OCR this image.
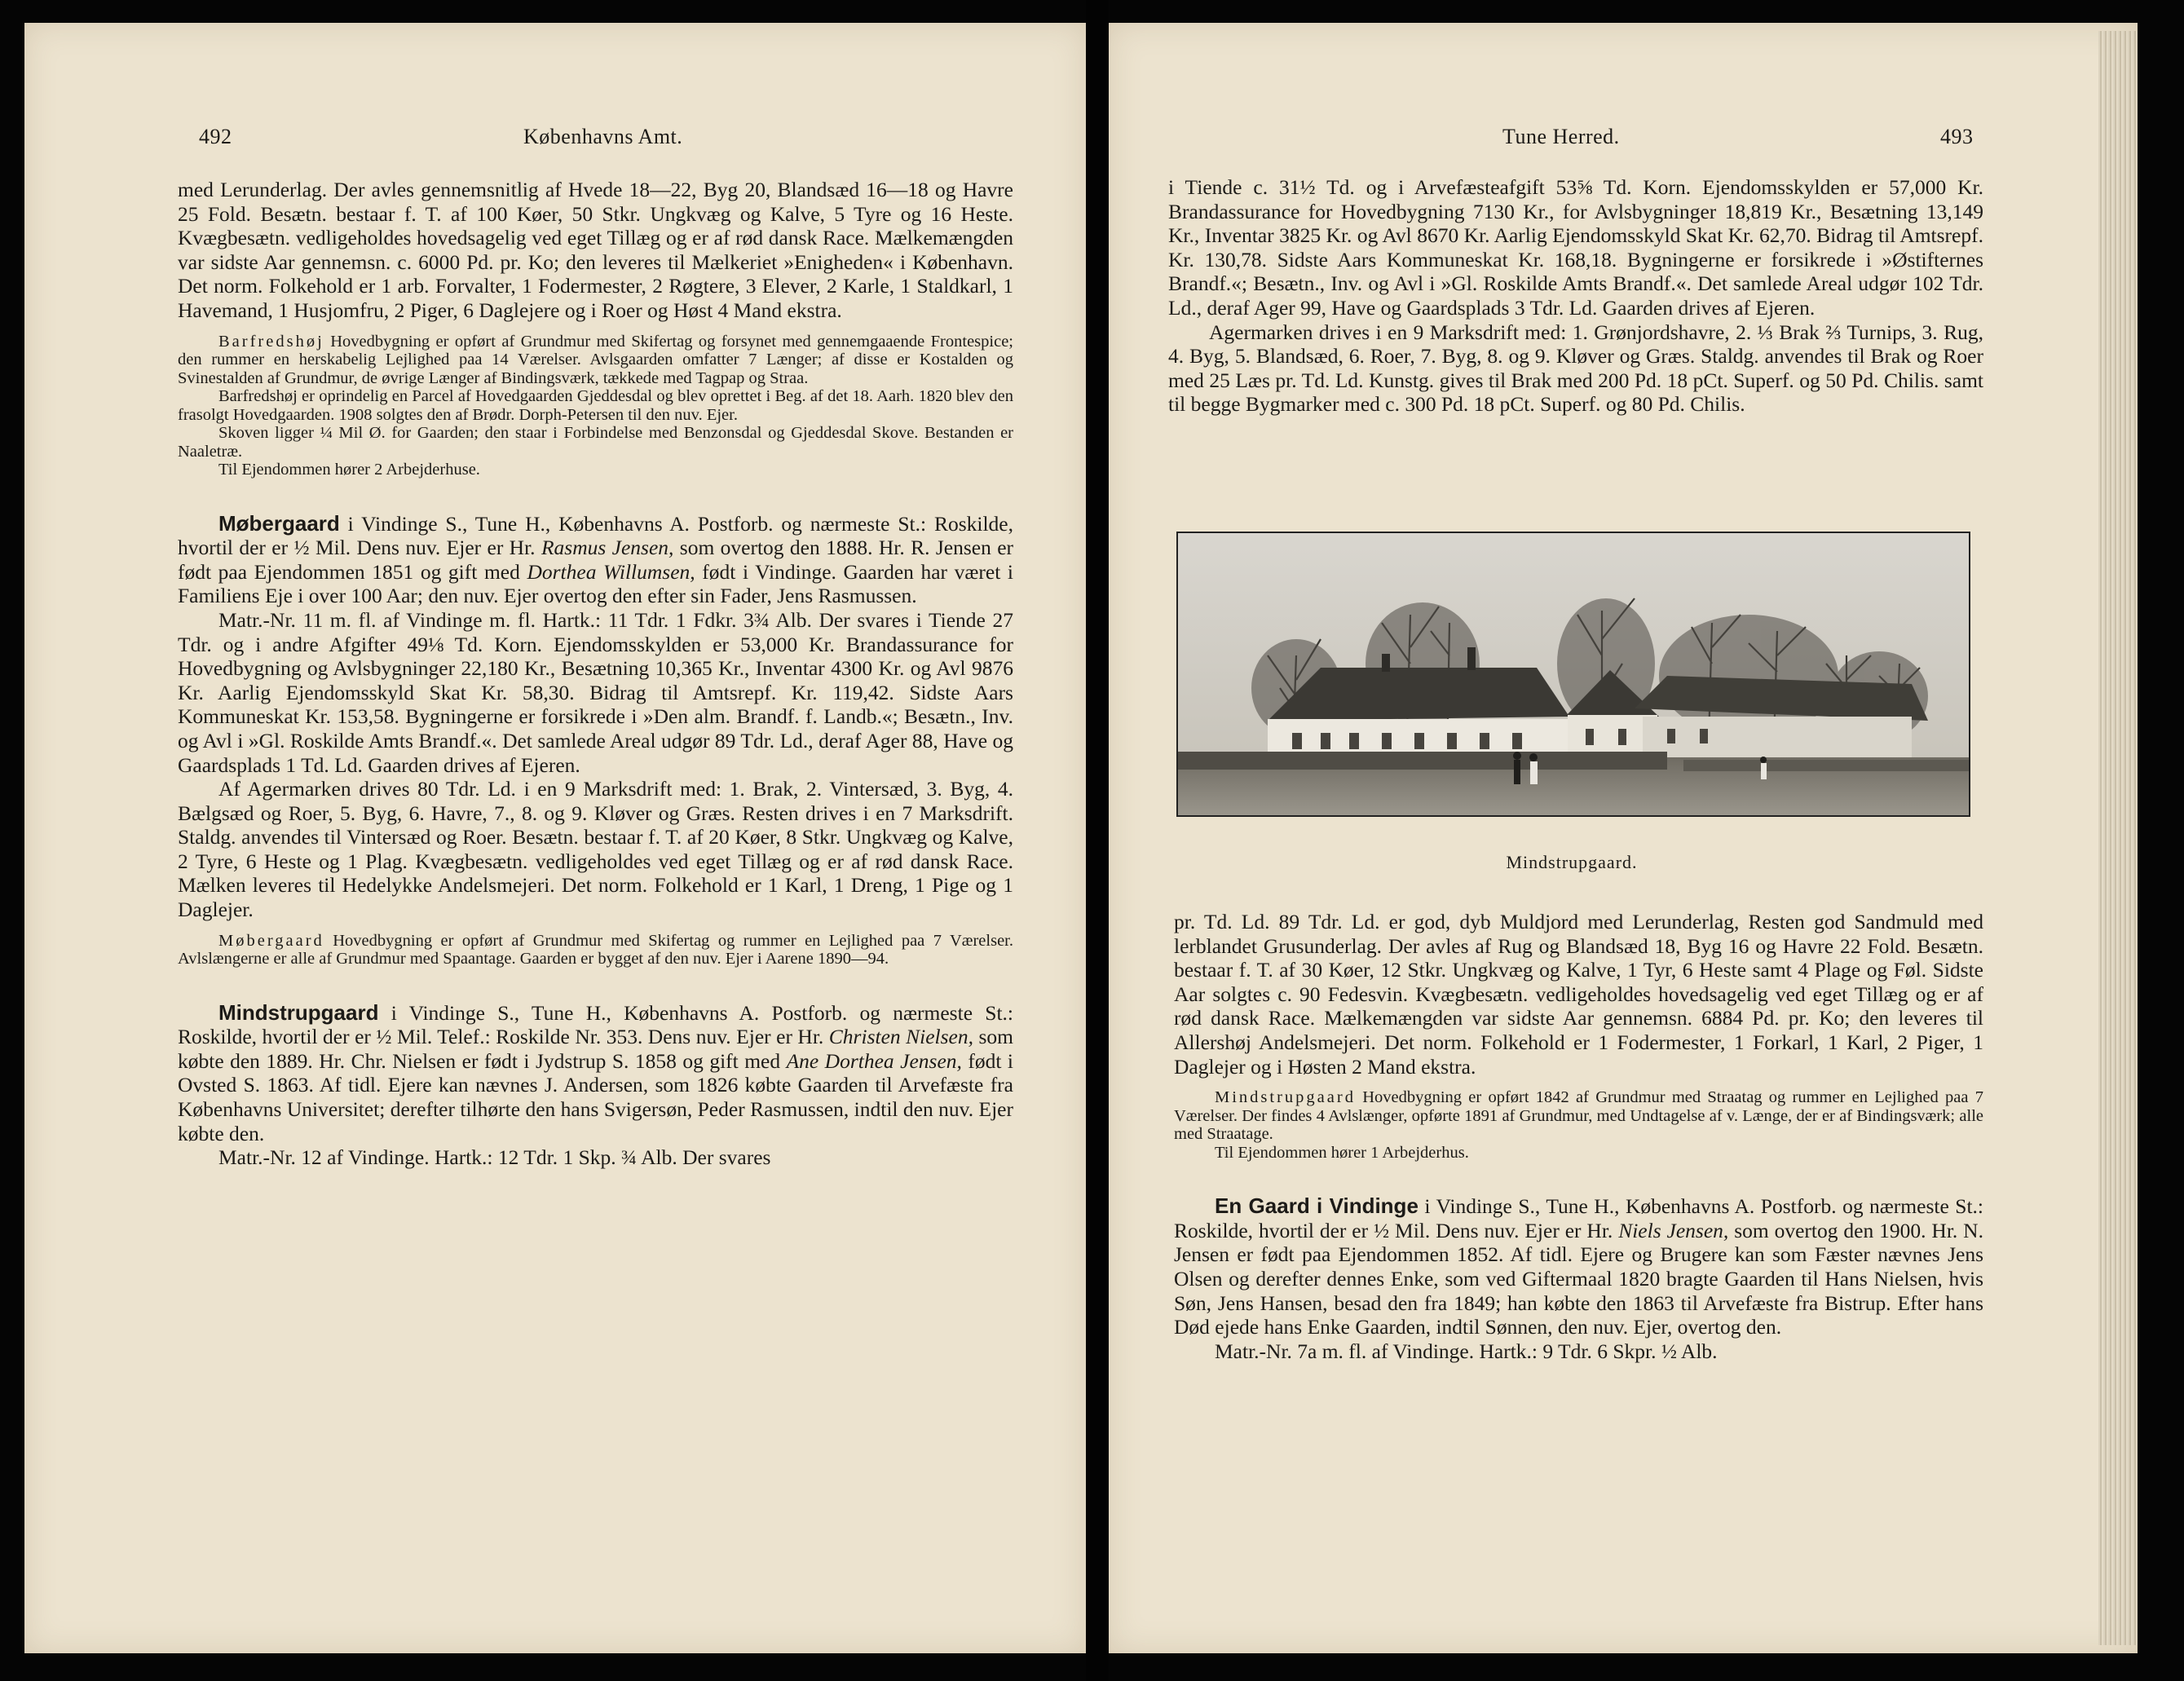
492	Københavns Amt.	Tune Herred.	493

med Lerunderlag. Der avles gennemsnitlig af Hvede 18—22, Byg 20, Blandsæd 16—18 og Havre 25 Fold. Besætn. bestaar f. T. af 100 Køer, 50 Stkr. Ungkvæg og Kalve, 5 Tyre og 16 Heste. Kvægbesætn. vedligeholdes hovedsagelig ved eget Tillæg og er af rød dansk Race. Mælkemængden var sidste Aar gennemsn. c. 6000 Pd. pr. Ko; den leveres til Mælkeriet »Enigheden« i København. Det norm. Folkehold er 1 arb. Forvalter, 1 Fodermester, 2 Røgtere, 3 Elever, 2 Karle, 1 Staldkarl, 1 Havemand, 1 Husjomfru, 2 Piger, 6 Daglejere og i Roer og Høst 4 Mand ekstra.

Barfredshøj Hovedbygning er opført af Grundmur med Skifertag og forsynet med gennemgaaende Frontespice; den rummer en herskabelig Lejlighed paa 14 Værelser. Avlsgaarden omfatter 7 Længer; af disse er Kostalden og Svinestalden af Grundmur, de øvrige Længer af Bindingsværk, tækkede med Tagpap og Straa.

Barfredshøj er oprindelig en Parcel af Hovedgaarden Gjeddesdal og blev oprettet i Beg. af det 18. Aarh. 1820 blev den frasolgt Hovedgaarden. 1908 solgtes den af Brødr. Dorph-Petersen til den nuv. Ejer.

Skoven ligger ¼ Mil Ø. for Gaarden; den staar i Forbindelse med Benzonsdal og Gjeddesdal Skove. Bestanden er Naaletræ.

Til Ejendommen hører 2 Arbejderhuse.

Møbergaard i Vindinge S., Tune H., Københavns A. Postforb. og nærmeste St.: Roskilde, hvortil der er ½ Mil. Dens nuv. Ejer er Hr. Rasmus Jensen, som overtog den 1888. Hr. R. Jensen er født paa Ejendommen 1851 og gift med Dorthea Willumsen, født i Vindinge. Gaarden har været i Familiens Eje i over 100 Aar; den nuv. Ejer overtog den efter sin Fader, Jens Rasmussen.

Matr.-Nr. 11 m. fl. af Vindinge m. fl. Hartk.: 11 Tdr. 1 Fdkr. 3¾ Alb. Der svares i Tiende 27 Tdr. og i andre Afgifter 49⅛ Td. Korn. Ejendomsskylden er 53,000 Kr. Brandassurance for Hovedbygning og Avlsbygninger 22,180 Kr., Besætning 10,365 Kr., Inventar 4300 Kr. og Avl 9876 Kr. Aarlig Ejendomsskyld Skat Kr. 58,30. Bidrag til Amtsrepf. Kr. 119,42. Sidste Aars Kommuneskat Kr. 153,58. Bygningerne er forsikrede i »Den alm. Brandf. f. Landb.«; Besætn., Inv. og Avl i »Gl. Roskilde Amts Brandf.«. Det samlede Areal udgør 89 Tdr. Ld., deraf Ager 88, Have og Gaardsplads 1 Td. Ld. Gaarden drives af Ejeren.

Af Agermarken drives 80 Tdr. Ld. i en 9 Marksdrift med: 1. Brak, 2. Vintersæd, 3. Byg, 4. Bælgsæd og Roer, 5. Byg, 6. Havre, 7., 8. og 9. Kløver og Græs. Resten drives i en 7 Marksdrift. Staldg. anvendes til Vintersæd og Roer. Besætn. bestaar f. T. af 20 Køer, 8 Stkr. Ungkvæg og Kalve, 2 Tyre, 6 Heste og 1 Plag. Kvægbesætn. vedligeholdes ved eget Tillæg og er af rød dansk Race. Mælken leveres til Hedelykke Andelsmejeri. Det norm. Folkehold er 1 Karl, 1 Dreng, 1 Pige og 1 Daglejer.

Møbergaard Hovedbygning er opført af Grundmur med Skifertag og rummer en Lejlighed paa 7 Værelser. Avlslængerne er alle af Grundmur med Spaantage. Gaarden er bygget af den nuv. Ejer i Aarene 1890—94.

Mindstrupgaard i Vindinge S., Tune H., Københavns A. Postforb. og nærmeste St.: Roskilde, hvortil der er ½ Mil. Telef.: Roskilde Nr. 353. Dens nuv. Ejer er Hr. Christen Nielsen, som købte den 1889. Hr. Chr. Nielsen er født i Jydstrup S. 1858 og gift med Ane Dorthea Jensen, født i Ovsted S. 1863. Af tidl. Ejere kan nævnes J. Andersen, som 1826 købte Gaarden til Arvefæste fra Københavns Universitet; derefter tilhørte den hans Svigersøn, Peder Rasmussen, indtil den nuv. Ejer købte den.

Matr.-Nr. 12 af Vindinge. Hartk.: 12 Tdr. 1 Skp. ¾ Alb. Der svares

i Tiende c. 31½ Td. og i Arvefæsteafgift 53⅝ Td. Korn. Ejendomsskylden er 57,000 Kr. Brandassurance for Hovedbygning 7130 Kr., for Avlsbygninger 18,819 Kr., Besætning 13,149 Kr., Inventar 3825 Kr. og Avl 8670 Kr. Aarlig Ejendomsskyld Skat Kr. 62,70. Bidrag til Amtsrepf. Kr. 130,78. Sidste Aars Kommuneskat Kr. 168,18. Bygningerne er forsikrede i »Østifternes Brandf.«; Besætn., Inv. og Avl i »Gl. Roskilde Amts Brandf.«. Det samlede Areal udgør 102 Tdr. Ld., deraf Ager 99, Have og Gaardsplads 3 Tdr. Ld. Gaarden drives af Ejeren.

Agermarken drives i en 9 Marksdrift med: 1. Grønjordshavre, 2. ⅓ Brak ⅔ Turnips, 3. Rug, 4. Byg, 5. Blandsæd, 6. Roer, 7. Byg, 8. og 9. Kløver og Græs. Staldg. anvendes til Brak og Roer med 25 Læs pr. Td. Ld. Kunstg. gives til Brak med 200 Pd. 18 pCt. Superf. og 50 Pd. Chilis. samt til begge Bygmarker med c. 300 Pd. 18 pCt. Superf. og 80 Pd. Chilis.

Mindstrupgaard.

pr. Td. Ld. 89 Tdr. Ld. er god, dyb Muldjord med Lerunderlag, Resten god Sandmuld med lerblandet Grusunderlag. Der avles af Rug og Blandsæd 18, Byg 16 og Havre 22 Fold. Besætn. bestaar f. T. af 30 Køer, 12 Stkr. Ungkvæg og Kalve, 1 Tyr, 6 Heste samt 4 Plage og Føl. Sidste Aar solgtes c. 90 Fedesvin. Kvægbesætn. vedligeholdes hovedsagelig ved eget Tillæg og er af rød dansk Race. Mælkemængden var sidste Aar gennemsn. 6884 Pd. pr. Ko; den leveres til Allershøj Andelsmejeri. Det norm. Folkehold er 1 Fodermester, 1 Forkarl, 1 Karl, 2 Piger, 1 Daglejer og i Høsten 2 Mand ekstra.

Mindstrupgaard Hovedbygning er opført 1842 af Grundmur med Straatag og rummer en Lejlighed paa 7 Værelser. Der findes 4 Avlslænger, opførte 1891 af Grundmur, med Undtagelse af v. Længe, der er af Bindingsværk; alle med Straatage.

Til Ejendommen hører 1 Arbejderhus.

En Gaard i Vindinge i Vindinge S., Tune H., Københavns A. Postforb. og nærmeste St.: Roskilde, hvortil der er ½ Mil. Dens nuv. Ejer er Hr. Niels Jensen, som overtog den 1900. Hr. N. Jensen er født paa Ejendommen 1852. Af tidl. Ejere og Brugere kan som Fæster nævnes Jens Olsen og derefter dennes Enke, som ved Giftermaal 1820 bragte Gaarden til Hans Nielsen, hvis Søn, Jens Hansen, besad den fra 1849; han købte den 1863 til Arvefæste fra Bistrup. Efter hans Død ejede hans Enke Gaarden, indtil Sønnen, den nuv. Ejer, overtog den.

Matr.-Nr. 7a m. fl. af Vindinge. Hartk.: 9 Tdr. 6 Skpr. ½ Alb.
